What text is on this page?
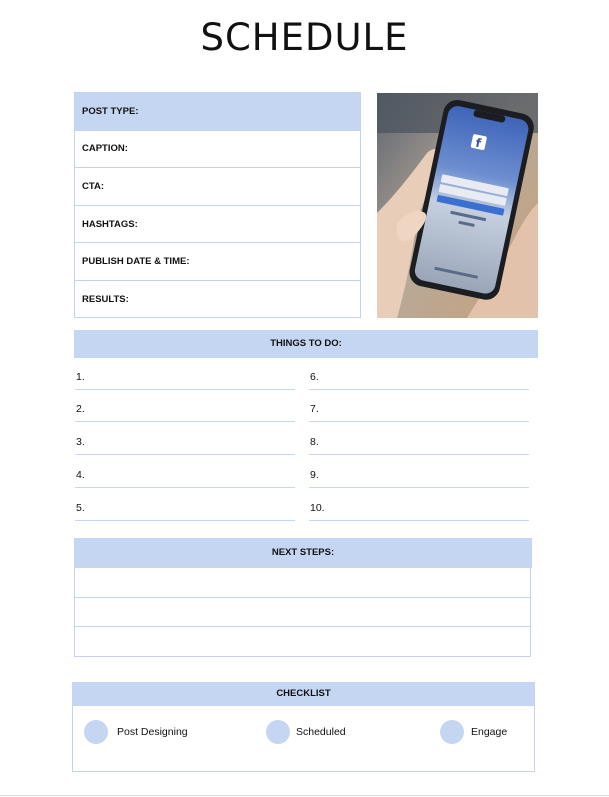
SCHEDULE
POST TYPE:
CAPTION:
CTA:
HASHTAGS:
PUBLISH DATE & TIME:
RESULTS:
f
THINGS TO DO:
1.
2.
3.
4.
5.
6.
7.
8.
9.
10.
NEXT STEPS:
CHECKLIST
Post Designing	Scheduled	Engage
